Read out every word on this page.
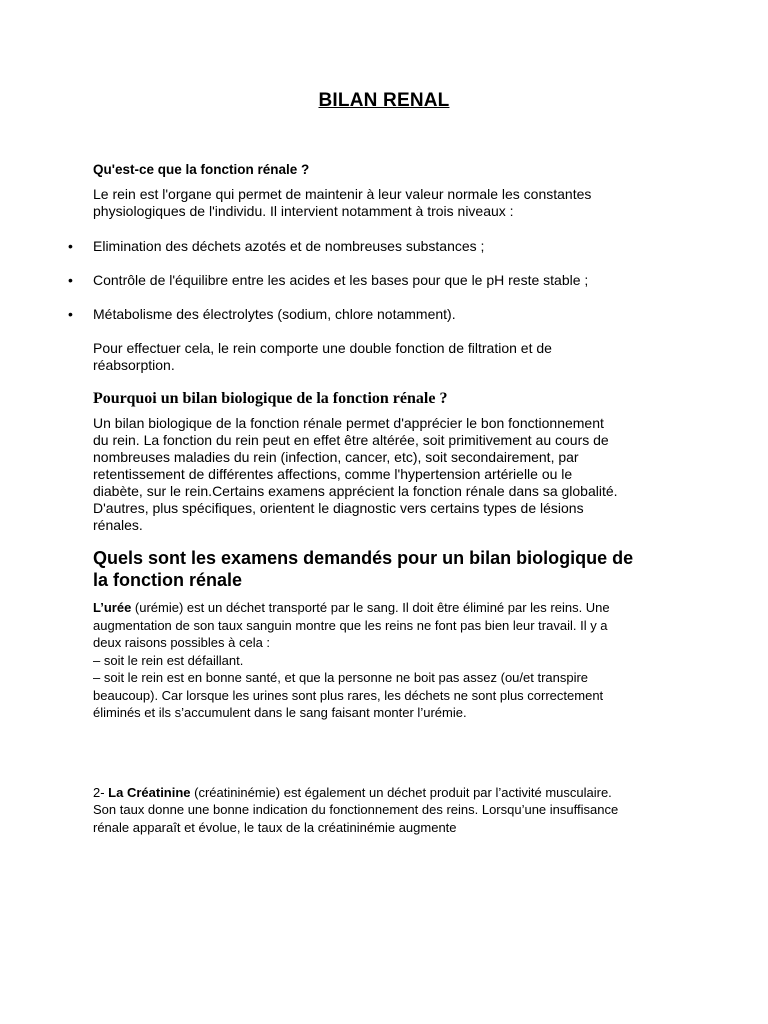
BILAN RENAL
Qu'est-ce que la fonction rénale ?
Le rein est l'organe qui permet de maintenir à leur valeur normale les constantes
physiologiques de l'individu. Il intervient notamment à trois niveaux :
• Elimination des déchets azotés et de nombreuses substances ;
• Contrôle de l'équilibre entre les acides et les bases pour que le pH reste stable ;
• Métabolisme des électrolytes (sodium, chlore notamment).
Pour effectuer cela, le rein comporte une double fonction de filtration et de
réabsorption.
Pourquoi un bilan biologique de la fonction rénale ?
Un bilan biologique de la fonction rénale permet d'apprécier le bon fonctionnement
du rein. La fonction du rein peut en effet être altérée, soit primitivement au cours de
nombreuses maladies du rein (infection, cancer, etc), soit secondairement, par
retentissement de différentes affections, comme l'hypertension artérielle ou le
diabète, sur le rein.Certains examens apprécient la fonction rénale dans sa globalité.
D'autres, plus spécifiques, orientent le diagnostic vers certains types de lésions
rénales.
Quels sont les examens demandés pour un bilan biologique de
la fonction rénale
L’urée (urémie) est un déchet transporté par le sang. Il doit être éliminé par les reins. Une
augmentation de son taux sanguin montre que les reins ne font pas bien leur travail. Il y a
deux raisons possibles à cela :
– soit le rein est défaillant.
– soit le rein est en bonne santé, et que la personne ne boit pas assez (ou/et transpire
beaucoup). Car lorsque les urines sont plus rares, les déchets ne sont plus correctement
éliminés et ils s’accumulent dans le sang faisant monter l’urémie.
2- La Créatinine (créatininémie) est également un déchet produit par l’activité musculaire.
Son taux donne une bonne indication du fonctionnement des reins. Lorsqu’une insuffisance
rénale apparaît et évolue, le taux de la créatininémie augmente
